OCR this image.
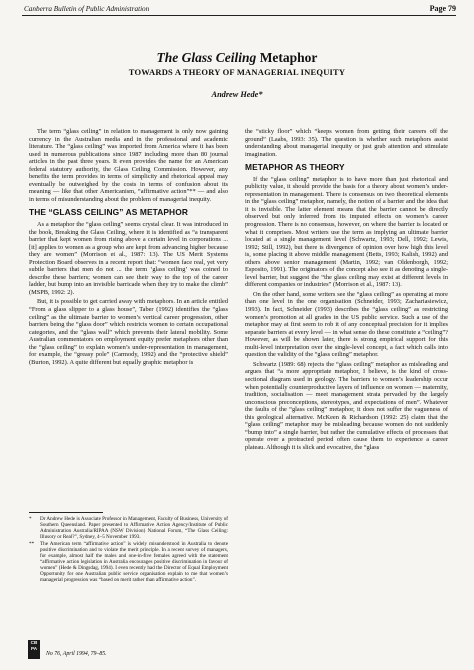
Canberra Bulletin of Public Administration	Page 79
The Glass Ceiling Metaphor
TOWARDS A THEORY OF MANAGERIAL INEQUITY
Andrew Hede*

The term “glass ceiling” in relation to management is only now gaining currency in the Australian media and in the professional and academic literature. The “glass ceiling” was imported from America where it has been used in numerous publications since 1987 including more than 80 journal articles in the past three years. It even provides the name for an American federal statutory authority, the Glass Ceiling Commission. However, any benefits the term provides in terms of simplicity and rhetorical appeal may eventually be outweighed by the costs in terms of confusion about its meaning — like that other Americanism, “affirmative action”** — and also in terms of misunderstanding about the problem of managerial inequity.

THE “GLASS CEILING” AS METAPHOR

As a metaphor the “glass ceiling” seems crystal clear. It was introduced in the book, Breaking the Glass Ceiling, where it is identified as “a transparent barrier that kept women from rising above a certain level in corporations ... [it] applies to women as a group who are kept from advancing higher because they are women” (Morrison et al., 1987: 13). The US Merit Systems Protection Board observes in a recent report that: “women face real, yet very subtle barriers that men do not ... the term ‘glass ceiling’ was coined to describe these barriers; women can see their way to the top of the career ladder, but bump into an invisible barricade when they try to make the climb” (MSPB, 1992: 2).

But, it is possible to get carried away with metaphors. In an article entitled “From a glass slipper to a glass house”, Taber (1992) identifies the “glass ceiling” as the ultimate barrier to women’s vertical career progression, other barriers being the “glass door” which restricts women to certain occupational categories, and the “glass wall” which prevents their lateral mobility. Some Australian commentators on employment equity prefer metaphors other than the “glass ceiling” to explain women’s under-representation in management, for example, the “greasy pole” (Carmody, 1992) and the “protective shield” (Burton, 1992). A quite different but equally graphic metaphor is

the “sticky floor” which “keeps women from getting their careers off the ground” (Laabs, 1993: 35). The question is whether such metaphors assist understanding about managerial inequity or just grab attention and stimulate imagination.

METAPHOR AS THEORY

If the “glass ceiling” metaphor is to have more than just rhetorical and publicity value, it should provide the basis for a theory about women’s under-representation in management. There is consensus on two theoretical elements in the “glass ceiling” metaphor, namely, the notion of a barrier and the idea that it is invisible. The latter element means that the barrier cannot be directly observed but only inferred from its imputed effects on women’s career progression. There is no consensus, however, on where the barrier is located or what it comprises. Most writers use the term as implying an ultimate barrier located at a single management level (Schwartz, 1993; Dell, 1992; Lewis, 1992; Still, 1992), but there is divergence of opinion over how high this level is, some placing it above middle management (Betts, 1993; Kalish, 1992) and others above senior management (Martin, 1992; van Oldenborgh, 1992; Esposito, 1991). The originators of the concept also see it as denoting a single-level barrier, but suggest the “the glass ceiling may exist at different levels in different companies or industries” (Morrison et al., 1987: 13).

On the other hand, some writers see the “glass ceiling” as operating at more than one level in the one organisation (Schneider, 1993; Zachariasiewicz, 1993). In fact, Schneider (1993) describes the “glass ceiling” as restricting women’s promotion at all grades in the US public service. Such a use of the metaphor may at first seem to rob it of any conceptual precision for it implies separate barriers at every level — in what sense do these constitute a “ceiling”? However, as will be shown later, there is strong empirical support for this multi-level interpretation over the single-level concept, a fact which calls into question the validity of the “glass ceiling” metaphor.

Schwartz (1989: 68) rejects the “glass ceiling” metaphor as misleading and argues that “a more appropriate metaphor, I believe, is the kind of cross-sectional diagram used in geology. The barriers to women’s leadership occur when potentially counterproductive layers of influence on women — maternity, tradition, socialisation — meet management strata pervaded by the largely unconscious preconceptions, stereotypes, and expectations of men”. Whatever the faults of the “glass ceiling” metaphor, it does not suffer the vagueness of this geological alternative. McKeen & Richardson (1992: 25) claim that the “glass ceiling” metaphor may be misleading because women do not suddenly “bump into” a single barrier, but rather the cumulative effects of processes that operate over a protracted period often cause them to experience a career plateau. Although it is slick and evocative, the “glass

* Dr Andrew Hede is Associate Professor in Management, Faculty of Business, University of Southern Queensland. Paper presented to Affirmative Action Agency/Institute of Public Administration Australia/RIPAA (NSW Division) National Forum, “The Glass Ceiling: Illusory or Real?”, Sydney, 4–5 November 1993.

** The American term “affirmative action” is widely misunderstood in Australia to denote positive discrimination and to violate the merit principle. In a recent survey of managers, for example, almost half the males and one-in-five females agreed with the statement “affirmative action legislation in Australia encourages positive discrimination in favour of women” (Hede & Dingsdag, 1994). I even recently had the Director of Equal Employment Opportunity for one Australian public service organisation explain to me that women’s managerial progression was “based on merit rather than affirmative action”.

CB
PA
No 76, April 1994, 79–85.
